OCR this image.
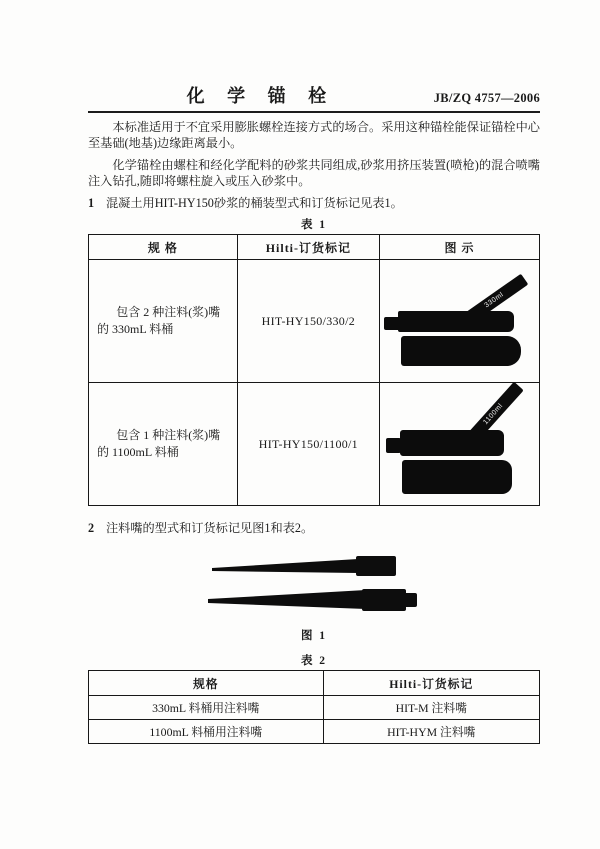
化 学 锚 栓	JB/ZQ 4757—2006

本标准适用于不宜采用膨胀螺栓连接方式的场合。采用这种锚栓能保证锚栓中心至基础(地基)边缘距离最小。

化学锚栓由螺柱和经化学配料的砂浆共同组成,砂浆用挤压装置(喷枪)的混合喷嘴注入钻孔,随即将螺柱旋入或压入砂浆中。

1 混凝土用HIT-HY150砂浆的桶装型式和订货标记见表1。

表 1
规 格	Hilti-订货标记	图 示
包含 2 种注料(浆)嘴的 330mL 料桶	HIT-HY150/330/2	330ml

包含 1 种注料(浆)嘴的 1100mL 料桶	HIT-HY150/1100/1	1100ml

2 注料嘴的型式和订货标记见图1和表2。

图 1
表 2
规格	Hilti-订货标记
330mL 料桶用注料嘴	HIT-M 注料嘴
1100mL 料桶用注料嘴	HIT-HYM 注料嘴
